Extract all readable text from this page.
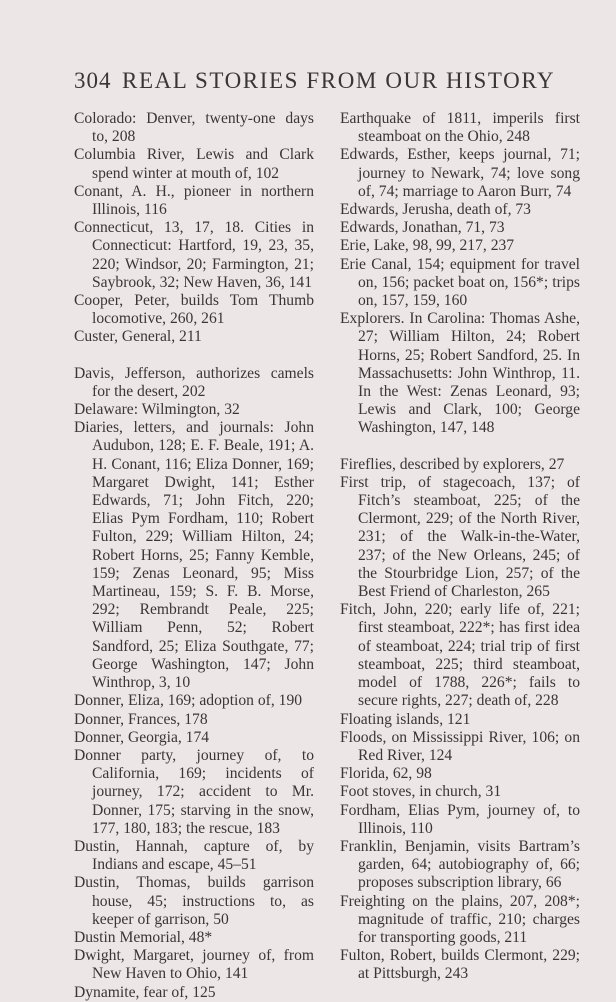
304 REAL STORIES FROM OUR HISTORY

Colorado: Denver, twenty-one days to, 208

Columbia River, Lewis and Clark spend winter at mouth of, 102

Conant, A. H., pioneer in northern Illinois, 116

Connecticut, 13, 17, 18. Cities in Connecticut: Hartford, 19, 23, 35, 220; Windsor, 20; Farmington, 21; Saybrook, 32; New Haven, 36, 141

Cooper, Peter, builds Tom Thumb locomotive, 260, 261

Custer, General, 211

Davis, Jefferson, authorizes camels for the desert, 202

Delaware: Wilmington, 32

Diaries, letters, and journals: John Audubon, 128; E. F. Beale, 191; A. H. Conant, 116; Eliza Donner, 169; Margaret Dwight, 141; Esther Edwards, 71; John Fitch, 220; Elias Pym Fordham, 110; Robert Fulton, 229; William Hilton, 24; Robert Horns, 25; Fanny Kemble, 159; Zenas Leonard, 95; Miss Martineau, 159; S. F. B. Morse, 292; Rembrandt Peale, 225; William Penn, 52; Robert Sandford, 25; Eliza Southgate, 77; George Washington, 147; John Winthrop, 3, 10

Donner, Eliza, 169; adoption of, 190

Donner, Frances, 178

Donner, Georgia, 174

Donner party, journey of, to California, 169; incidents of journey, 172; accident to Mr. Donner, 175; starving in the snow, 177, 180, 183; the rescue, 183

Dustin, Hannah, capture of, by Indians and escape, 45–51

Dustin, Thomas, builds garrison house, 45; instructions to, as keeper of garrison, 50

Dustin Memorial, 48*

Dwight, Margaret, journey of, from New Haven to Ohio, 141

Dynamite, fear of, 125

Earthquake of 1811, imperils first steamboat on the Ohio, 248

Edwards, Esther, keeps journal, 71; journey to Newark, 74; love song of, 74; marriage to Aaron Burr, 74

Edwards, Jerusha, death of, 73

Edwards, Jonathan, 71, 73

Erie, Lake, 98, 99, 217, 237

Erie Canal, 154; equipment for travel on, 156; packet boat on, 156*; trips on, 157, 159, 160

Explorers. In Carolina: Thomas Ashe, 27; William Hilton, 24; Robert Horns, 25; Robert Sandford, 25. In Massachusetts: John Winthrop, 11. In the West: Zenas Leonard, 93; Lewis and Clark, 100; George Washington, 147, 148

Fireflies, described by explorers, 27

First trip, of stagecoach, 137; of Fitch’s steamboat, 225; of the Clermont, 229; of the North River, 231; of the Walk-in-the-Water, 237; of the New Orleans, 245; of the Stourbridge Lion, 257; of the Best Friend of Charleston, 265

Fitch, John, 220; early life of, 221; first steamboat, 222*; has first idea of steamboat, 224; trial trip of first steamboat, 225; third steamboat, model of 1788, 226*; fails to secure rights, 227; death of, 228

Floating islands, 121

Floods, on Mississippi River, 106; on Red River, 124

Florida, 62, 98

Foot stoves, in church, 31

Fordham, Elias Pym, journey of, to Illinois, 110

Franklin, Benjamin, visits Bartram’s garden, 64; autobiography of, 66; proposes subscription library, 66

Freighting on the plains, 207, 208*; magnitude of traffic, 210; charges for transporting goods, 211

Fulton, Robert, builds Clermont, 229; at Pittsburgh, 243
